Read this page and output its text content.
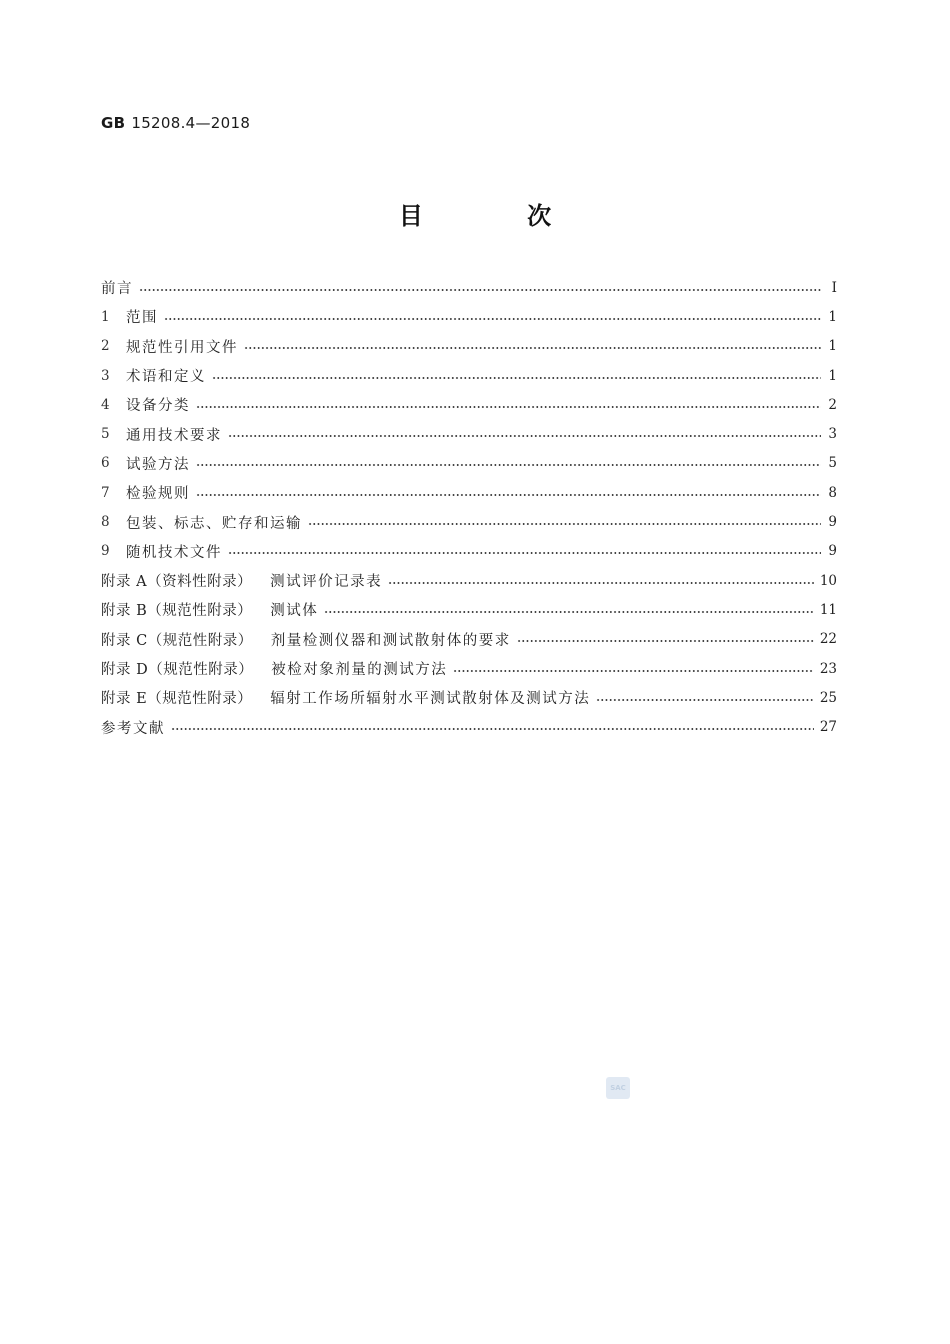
GB 15208.4—2018
目 次
前言	Ⅰ
1	范围	1
2	规范性引用文件	1
3	术语和定义	1
4	设备分类	2
5	通用技术要求	3
6	试验方法	5
7	检验规则	8
8	包装、标志、贮存和运输	9
9	随机技术文件	9
附录 A（资料性附录） 测试评价记录表	10
附录 B（规范性附录） 测试体	11
附录 C（规范性附录） 剂量检测仪器和测试散射体的要求	22
附录 D（规范性附录） 被检对象剂量的测试方法	23
附录 E（规范性附录） 辐射工作场所辐射水平测试散射体及测试方法	25
参考文献	27
SAC
